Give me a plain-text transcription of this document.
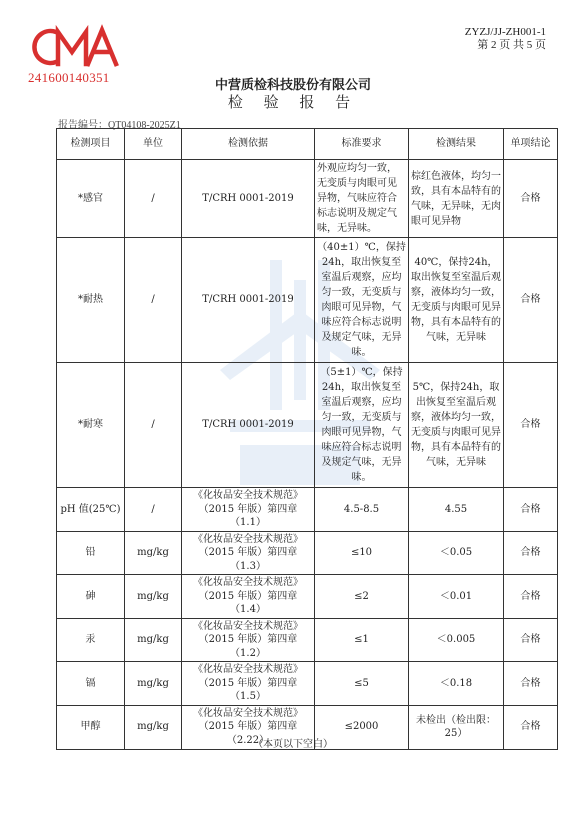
241600140351
ZYZJ/JJ-ZH001-1
第 2 页 共 5 页
中营质检科技股份有限公司
检 验 报 告
报告编号：QT04108-2025Z1
检测项目	单位	检测依据	标准要求	检测结果	单项结论
*感官	/	T/CRH 0001-2019	外观应均匀一致，无变质与肉眼可见异物，气味应符合标志说明及规定气味，无异味。	棕红色液体，均匀一致，具有本品特有的气味，无异味，无肉眼可见异物	合格
*耐热	/	T/CRH 0001-2019	（40±1）℃，保持24h，取出恢复至室温后观察，应均匀一致，无变质与肉眼可见异物，气味应符合标志说明及规定气味，无异味。	40℃，保持24h，取出恢复至室温后观察，液体均匀一致，无变质与肉眼可见异物，具有本品特有的气味，无异味	合格
*耐寒	/	T/CRH 0001-2019	（5±1）℃，保持24h，取出恢复至室温后观察，应均匀一致，无变质与肉眼可见异物，气味应符合标志说明及规定气味，无异味。	5℃，保持24h，取出恢复至室温后观察，液体均匀一致，无变质与肉眼可见异物，具有本品特有的气味，无异味	合格
pH 值(25℃)	/	《化妆品安全技术规范》（2015 年版）第四章（1.1）	4.5-8.5	4.55	合格
铅	mg/kg	《化妆品安全技术规范》（2015 年版）第四章（1.3）	≤10	＜0.05	合格
砷	mg/kg	《化妆品安全技术规范》（2015 年版）第四章（1.4）	≤2	＜0.01	合格
汞	mg/kg	《化妆品安全技术规范》（2015 年版）第四章（1.2）	≤1	＜0.005	合格
镉	mg/kg	《化妆品安全技术规范》（2015 年版）第四章（1.5）	≤5	＜0.18	合格
甲醇	mg/kg	《化妆品安全技术规范》（2015 年版）第四章（2.22）	≤2000	未检出（检出限：25）	合格
（本页以下空白）
